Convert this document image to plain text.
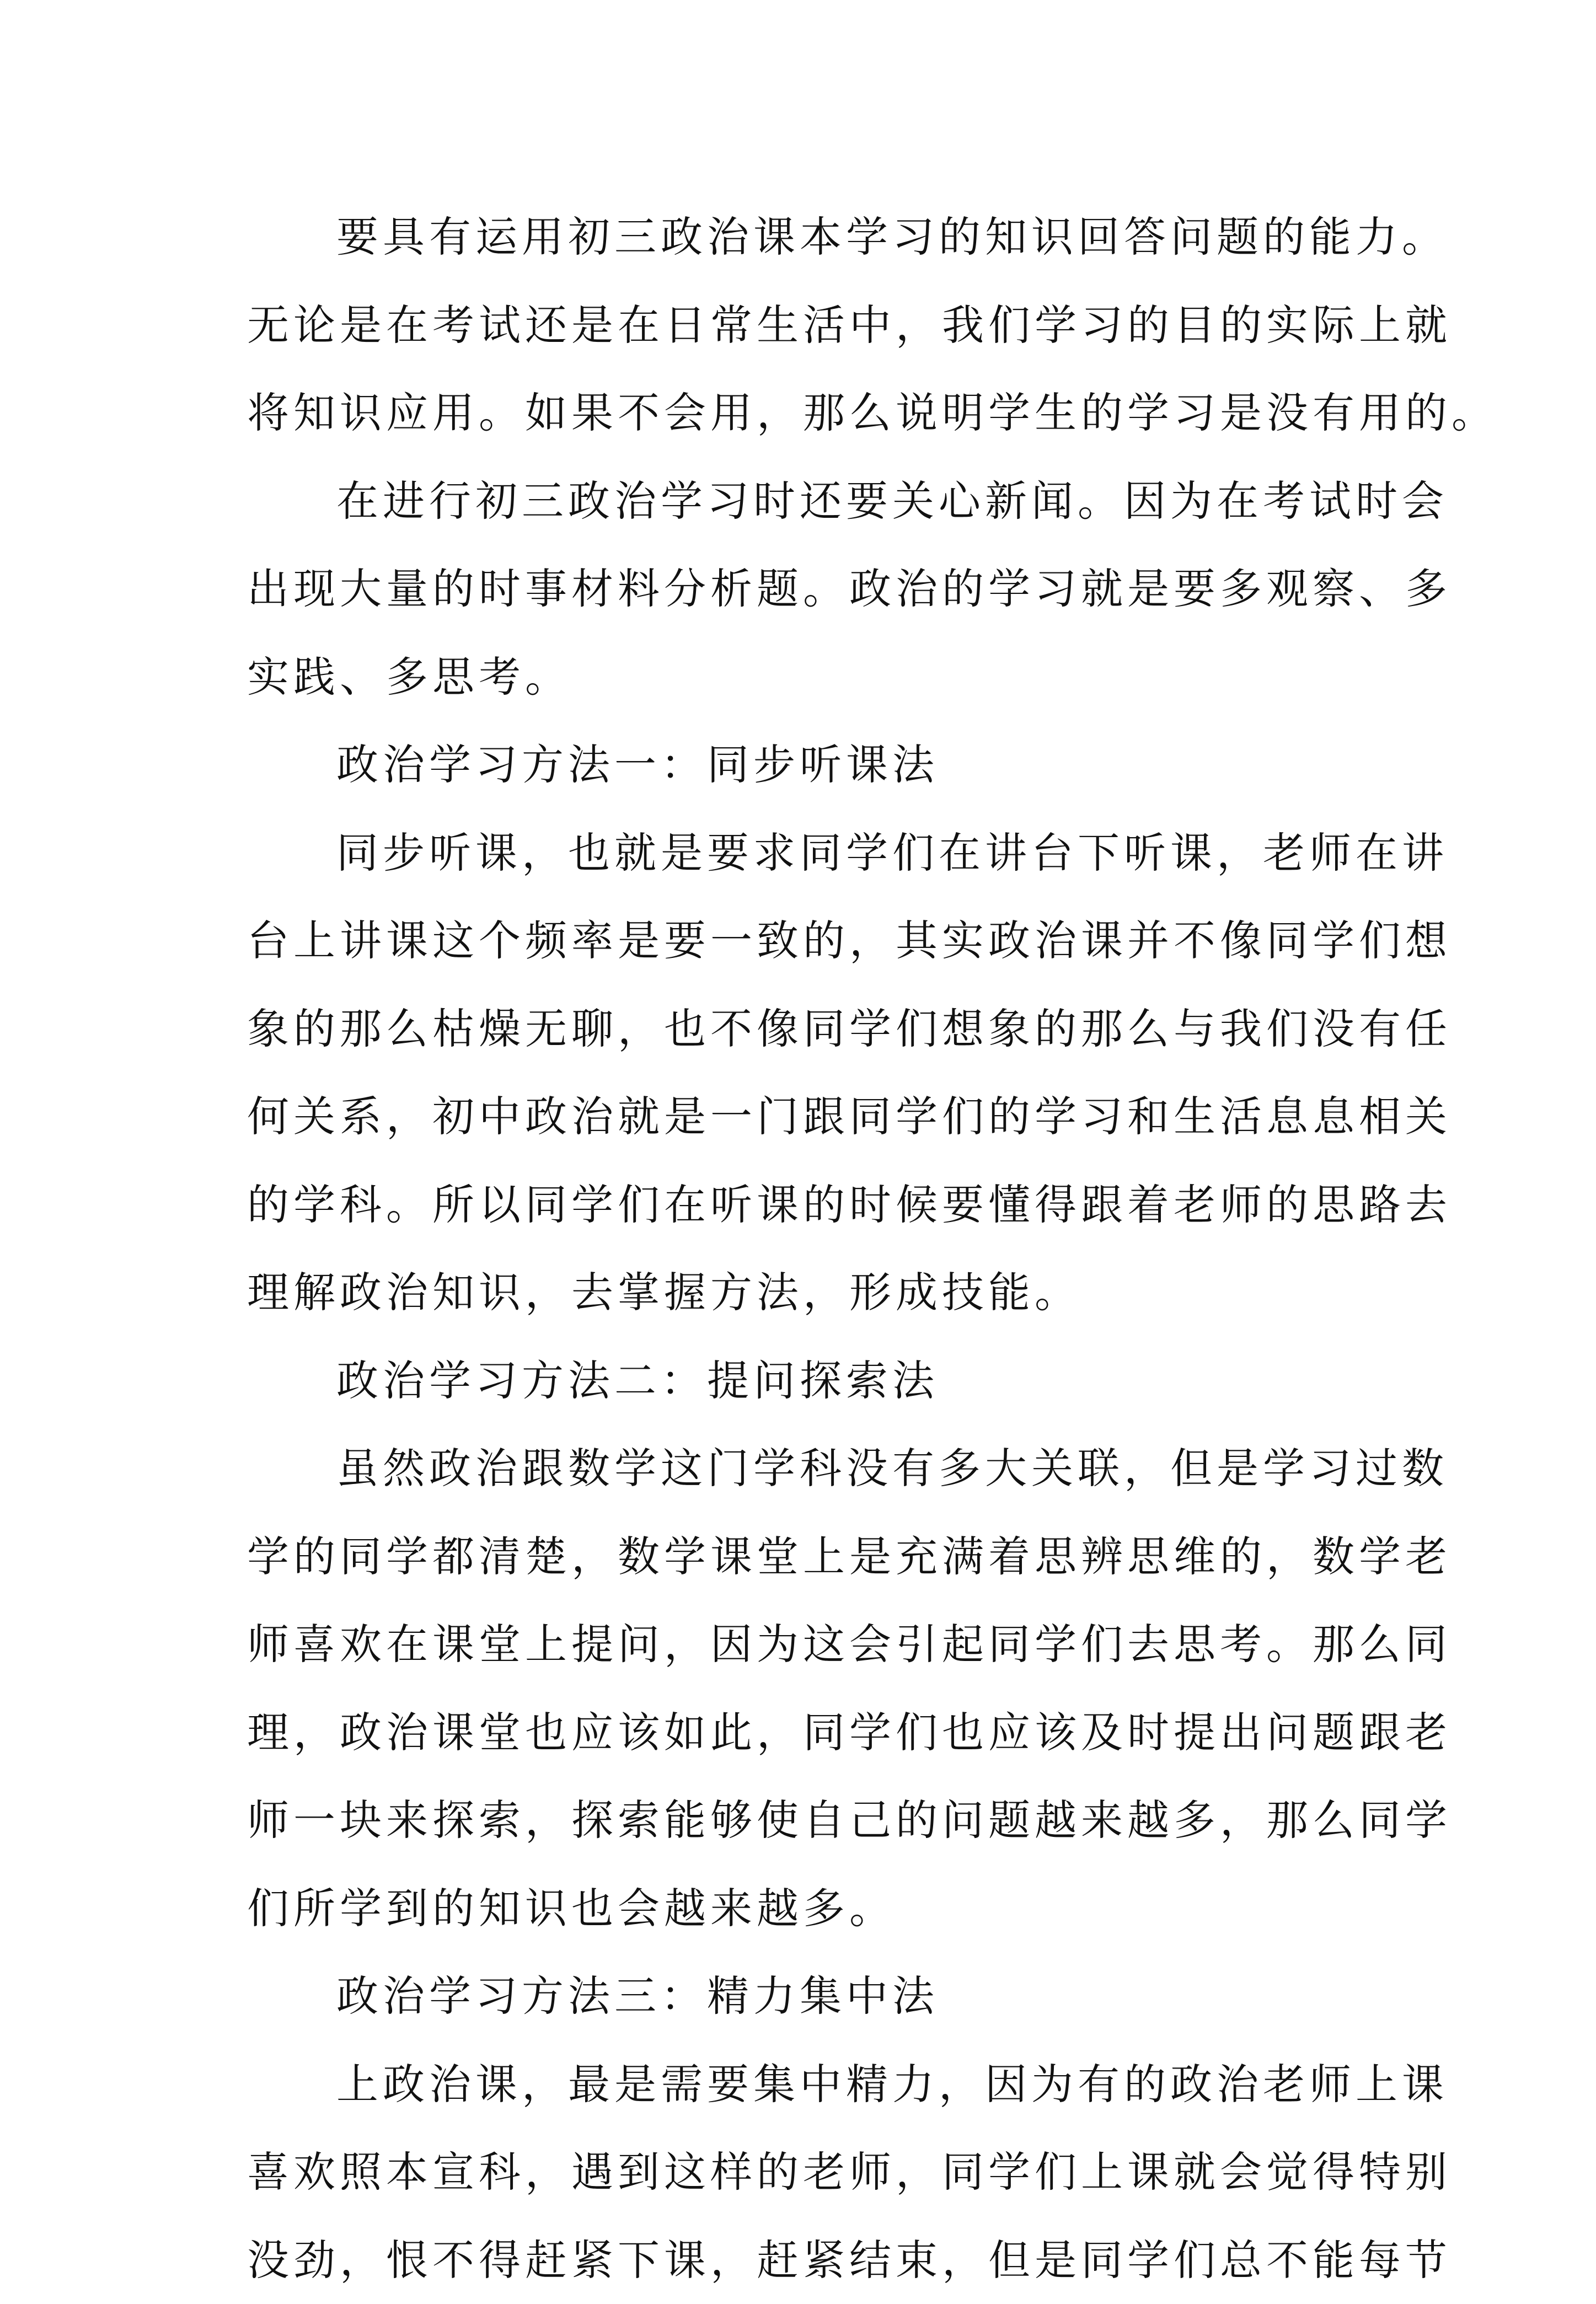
要具有运用初三政治课本学习的知识回答问题的能力。
无论是在考试还是在日常生活中，我们学习的目的实际上就
将知识应用。如果不会用，那么说明学生的学习是没有用的。
在进行初三政治学习时还要关心新闻。因为在考试时会
出现大量的时事材料分析题。政治的学习就是要多观察、多
实践、多思考。
政治学习方法一：同步听课法
同步听课，也就是要求同学们在讲台下听课，老师在讲
台上讲课这个频率是要一致的，其实政治课并不像同学们想
象的那么枯燥无聊，也不像同学们想象的那么与我们没有任
何关系，初中政治就是一门跟同学们的学习和生活息息相关
的学科。所以同学们在听课的时候要懂得跟着老师的思路去
理解政治知识，去掌握方法，形成技能。
政治学习方法二：提问探索法
虽然政治跟数学这门学科没有多大关联，但是学习过数
学的同学都清楚，数学课堂上是充满着思辨思维的，数学老
师喜欢在课堂上提问，因为这会引起同学们去思考。那么同
理，政治课堂也应该如此，同学们也应该及时提出问题跟老
师一块来探索，探索能够使自己的问题越来越多，那么同学
们所学到的知识也会越来越多。
政治学习方法三：精力集中法
上政治课，最是需要集中精力，因为有的政治老师上课
喜欢照本宣科，遇到这样的老师，同学们上课就会觉得特别
没劲，恨不得赶紧下课，赶紧结束，但是同学们总不能每节
